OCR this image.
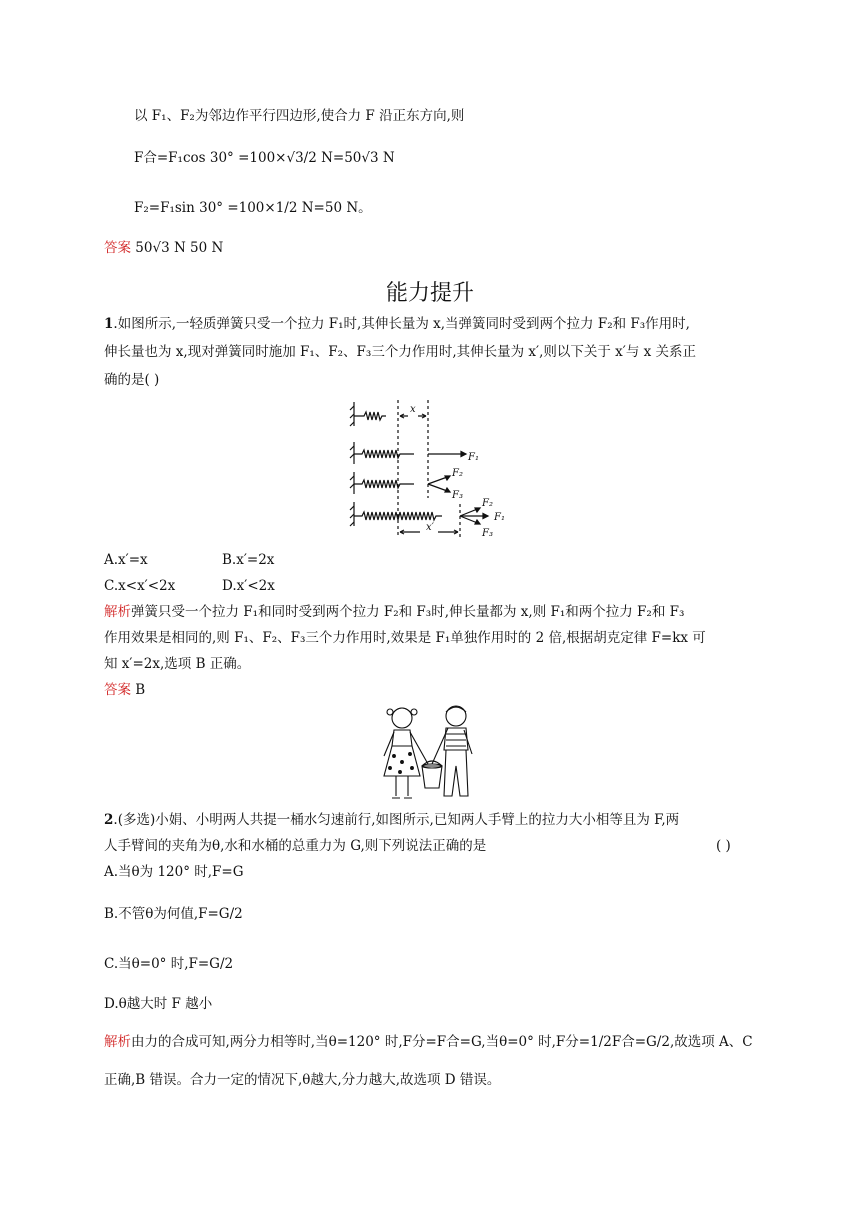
以 F₁、F₂为邻边作平行四边形,使合力 F 沿正东方向,则
F合=F₁cos 30° =100×√3/2 N=50√3 N
F₂=F₁sin 30° =100×1/2 N=50 N。
答案 50√3 N 50 N
能力提升
1.如图所示,一轻质弹簧只受一个拉力 F₁时,其伸长量为 x,当弹簧同时受到两个拉力 F₂和 F₃作用时,
伸长量也为 x,现对弹簧同时施加 F₁、F₂、F₃三个力作用时,其伸长量为 x′,则以下关于 x′与 x 关系正
确的是( )
x
F₁
F₂
F₃
F₂
F₁
F₃
x′
A.x′=x	B.x′=2x
C.x<x′<2x	D.x′<2x
解析弹簧只受一个拉力 F₁和同时受到两个拉力 F₂和 F₃时,伸长量都为 x,则 F₁和两个拉力 F₂和 F₃
作用效果是相同的,则 F₁、F₂、F₃三个力作用时,效果是 F₁单独作用时的 2 倍,根据胡克定律 F=kx 可
知 x′=2x,选项 B 正确。
答案 B
2.(多选)小娟、小明两人共提一桶水匀速前行,如图所示,已知两人手臂上的拉力大小相等且为 F,两
人手臂间的夹角为θ,水和水桶的总重力为 G,则下列说法正确的是	( )
A.当θ为 120° 时,F=G
B.不管θ为何值,F=G/2
C.当θ=0° 时,F=G/2
D.θ越大时 F 越小
解析由力的合成可知,两分力相等时,当θ=120° 时,F分=F合=G,当θ=0° 时,F分=1/2F合=G/2,故选项 A、C
正确,B 错误。合力一定的情况下,θ越大,分力越大,故选项 D 错误。
